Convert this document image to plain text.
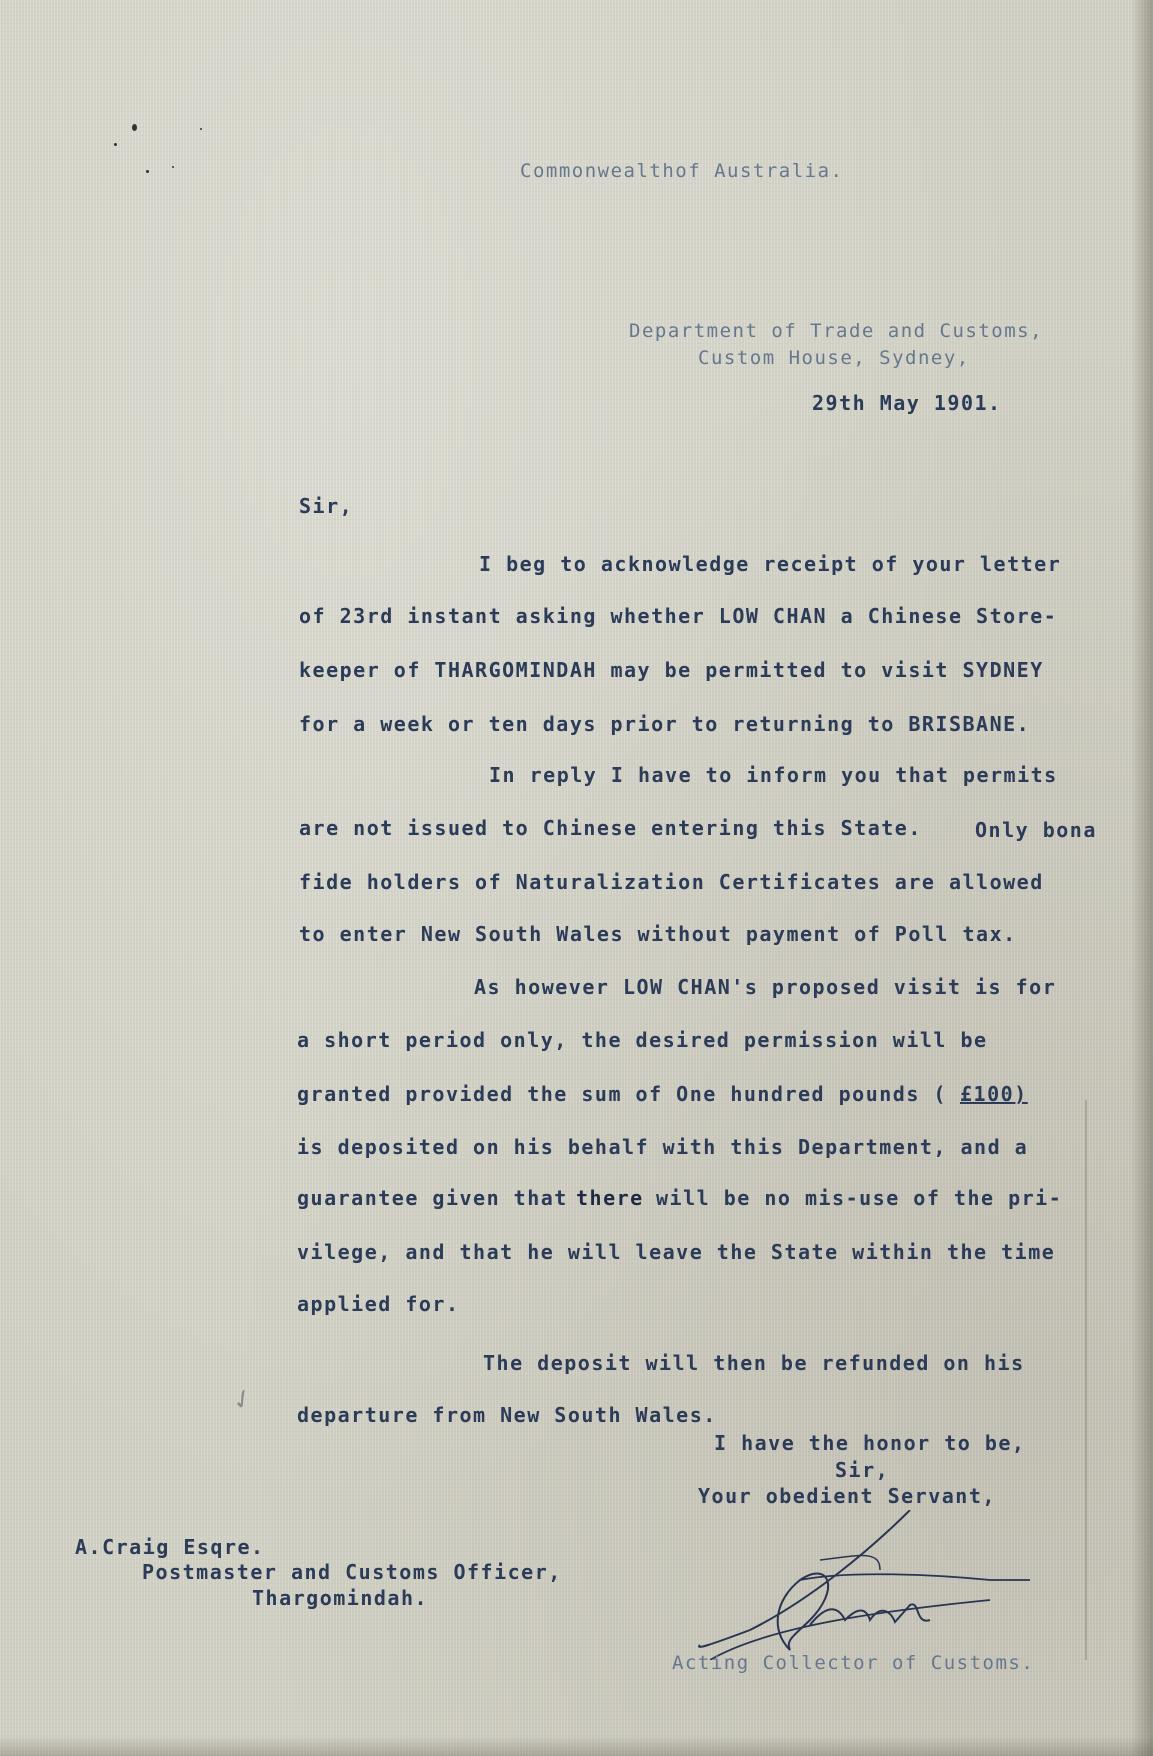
Commonwealthof Australia.
Department of Trade and Customs,
Custom House, Sydney,
29th May 1901.
Sir,
I beg to acknowledge receipt of your letter
of 23rd instant asking whether LOW CHAN a Chinese Store-
keeper of THARGOMINDAH may be permitted to visit SYDNEY
for a week or ten days prior to returning to BRISBANE.
In reply I have to inform you that permits
are not issued to Chinese entering this State.	Only bona
fide holders of Naturalization Certificates are allowed
to enter New South Wales without payment of Poll tax.
As however LOW CHAN's proposed visit is for
a short period only, the desired permission will be
granted provided the sum of One hundred pounds ( £100)
is deposited on his behalf with this Department, and a
guarantee given that there will be no mis-use of the pri-
vilege, and that he will leave the State within the time
applied for.
The deposit will then be refunded on his
departure from New South Wales.
✓
I have the honor to be,
Sir,
Your obedient Servant,
A.Craig Esqre.
Postmaster and Customs Officer,
Thargomindah.
Acting Collector of Customs.
